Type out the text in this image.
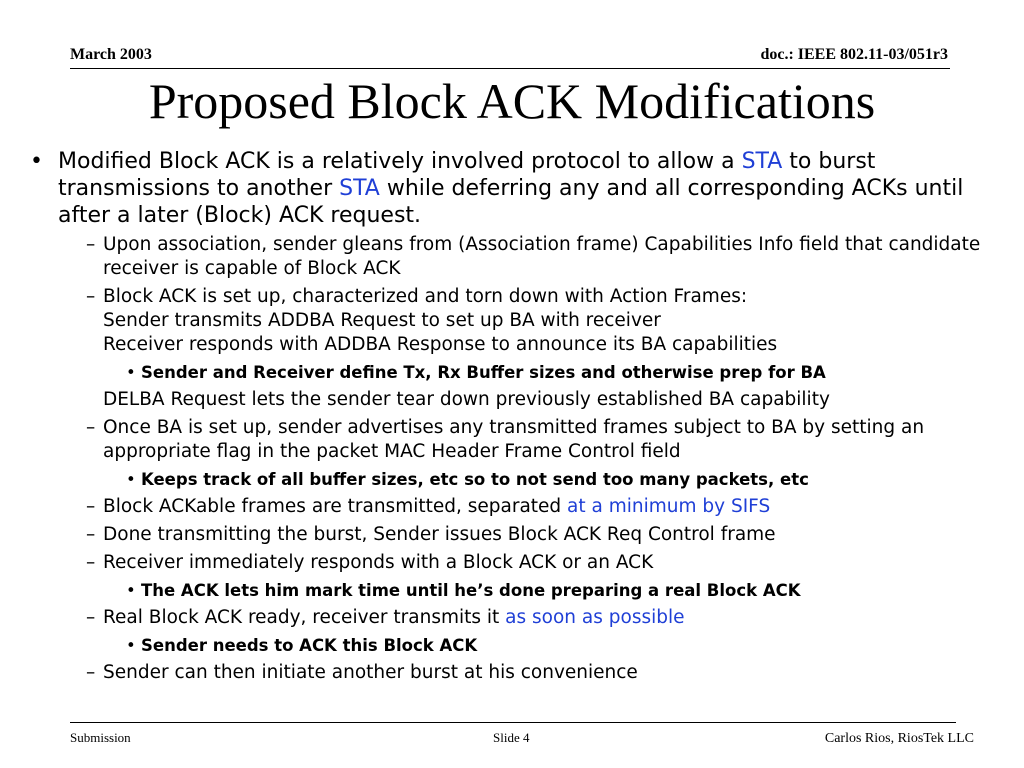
March 2003	doc.: IEEE 802.11-03/051r3
Proposed Block ACK Modifications
• Modified Block ACK is a relatively involved protocol to allow a STA to burst transmissions to another STA while deferring any and all corresponding ACKs until after a later (Block) ACK request.
– Upon association, sender gleans from (Association frame) Capabilities Info field that candidate receiver is capable of Block ACK
– Block ACK is set up, characterized and torn down with Action Frames:
Sender transmits ADDBA Request to set up BA with receiver
Receiver responds with ADDBA Response to announce its BA capabilities
• Sender and Receiver define Tx, Rx Buffer sizes and otherwise prep for BA
DELBA Request lets the sender tear down previously established BA capability
– Once BA is set up, sender advertises any transmitted frames subject to BA by setting an appropriate flag in the packet MAC Header Frame Control field
• Keeps track of all buffer sizes, etc so to not send too many packets, etc
– Block ACKable frames are transmitted, separated at a minimum by SIFS
– Done transmitting the burst, Sender issues Block ACK Req Control frame
– Receiver immediately responds with a Block ACK or an ACK
• The ACK lets him mark time until he’s done preparing a real Block ACK
– Real Block ACK ready, receiver transmits it as soon as possible
• Sender needs to ACK this Block ACK
– Sender can then initiate another burst at his convenience
Submission	Slide 4	Carlos Rios, RiosTek LLC
